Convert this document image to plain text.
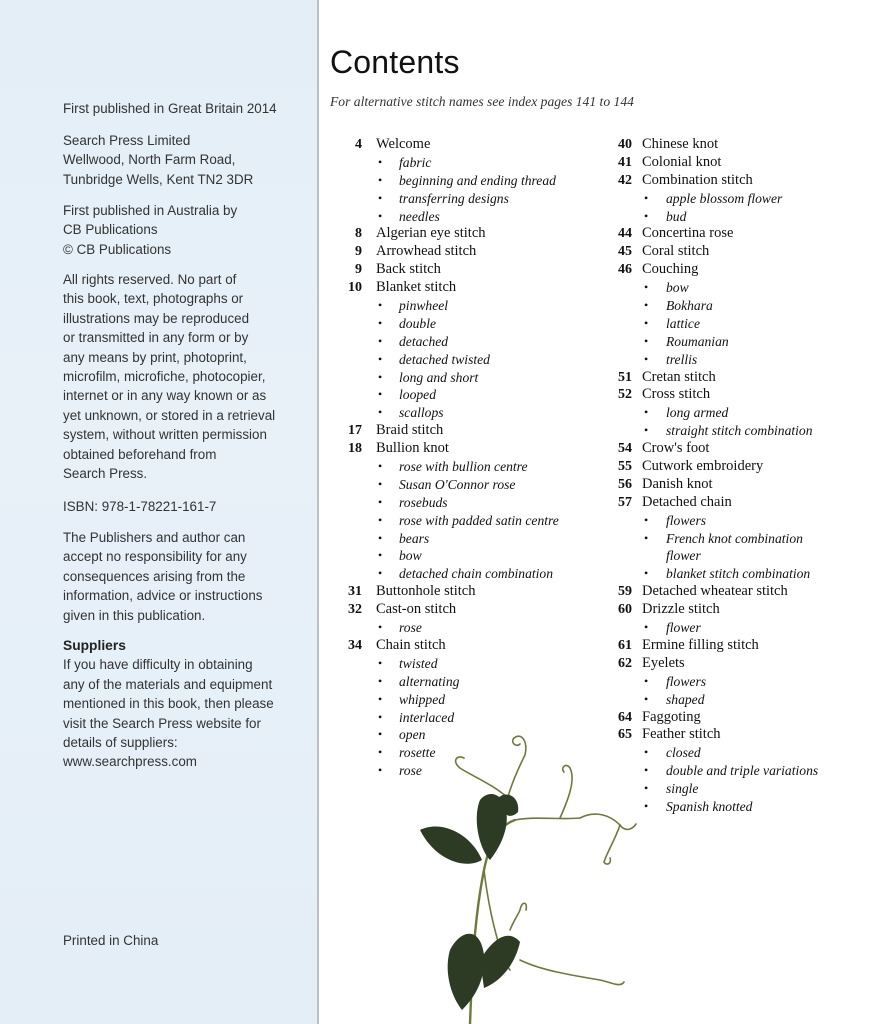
First published in Great Britain 2014

Search Press Limited

Wellwood, North Farm Road,

Tunbridge Wells, Kent TN2 3DR

First published in Australia by

CB Publications

© CB Publications

All rights reserved. No part of

this book, text, photographs or

illustrations may be reproduced

or transmitted in any form or by

any means by print, photoprint,

microfilm, microfiche, photocopier,

internet or in any way known or as

yet unknown, or stored in a retrieval

system, without written permission

obtained beforehand from

Search Press.

ISBN: 978-1-78221-161-7

The Publishers and author can

accept no responsibility for any

consequences arising from the

information, advice or instructions

given in this publication.

Suppliers

If you have difficulty in obtaining

any of the materials and equipment

mentioned in this book, then please

visit the Search Press website for

details of suppliers:

www.searchpress.com

Printed in China

Contents
For alternative stitch names see index pages 141 to 144
4 Welcome
• fabric
• beginning and ending thread
• transferring designs
• needles
8 Algerian eye stitch
9 Arrowhead stitch
9 Back stitch
10 Blanket stitch
• pinwheel
• double
• detached
• detached twisted
• long and short
• looped
• scallops
17 Braid stitch
18 Bullion knot
• rose with bullion centre
• Susan O'Connor rose
• rosebuds
• rose with padded satin centre
• bears
• bow
• detached chain combination
31 Buttonhole stitch
32 Cast-on stitch
• rose
34 Chain stitch
• twisted
• alternating
• whipped
• interlaced
• open
• rosette
• rose
40 Chinese knot
41 Colonial knot
42 Combination stitch
• apple blossom flower
• bud
44 Concertina rose
45 Coral stitch
46 Couching
• bow
• Bokhara
• lattice
• Roumanian
• trellis
51 Cretan stitch
52 Cross stitch
• long armed
• straight stitch combination
54 Crow's foot
55 Cutwork embroidery
56 Danish knot
57 Detached chain
• flowers
• French knot combination
flower
• blanket stitch combination
59 Detached wheatear stitch
60 Drizzle stitch
• flower
61 Ermine filling stitch
62 Eyelets
• flowers
• shaped
64 Faggoting
65 Feather stitch
• closed
• double and triple variations
• single
• Spanish knotted
